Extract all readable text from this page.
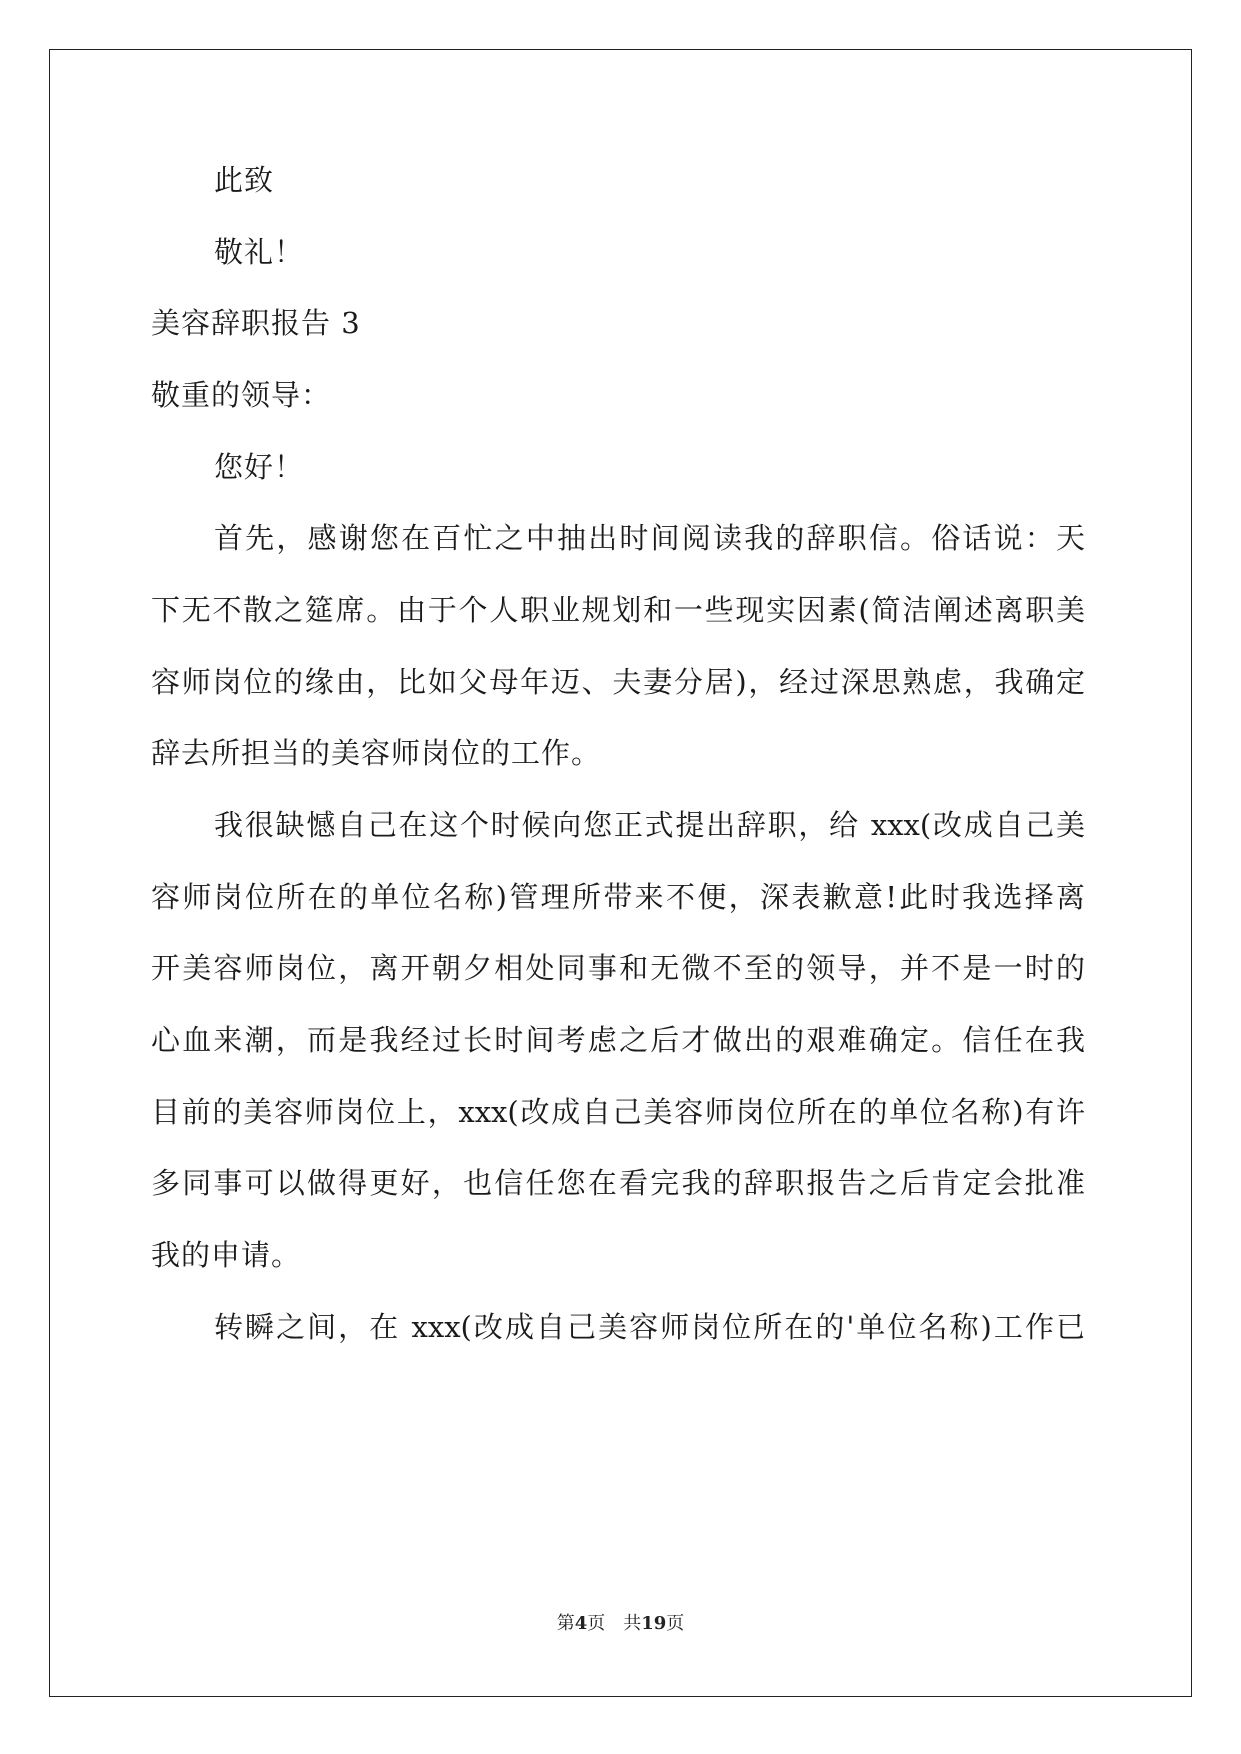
此致
敬礼！
美容辞职报告 3
敬重的领导：
您好！
首先，感谢您在百忙之中抽出时间阅读我的辞职信。俗话说：天
下无不散之筵席。由于个人职业规划和一些现实因素(简洁阐述离职美
容师岗位的缘由，比如父母年迈、夫妻分居)，经过深思熟虑，我确定
辞去所担当的美容师岗位的工作。
我很缺憾自己在这个时候向您正式提出辞职，给 xxx(改成自己美
容师岗位所在的单位名称)管理所带来不便，深表歉意!此时我选择离
开美容师岗位，离开朝夕相处同事和无微不至的领导，并不是一时的
心血来潮，而是我经过长时间考虑之后才做出的艰难确定。信任在我
目前的美容师岗位上，xxx(改成自己美容师岗位所在的单位名称)有许
多同事可以做得更好，也信任您在看完我的辞职报告之后肯定会批准
我的申请。
转瞬之间，在 xxx(改成自己美容师岗位所在的'单位名称)工作已
第4页　共19页
